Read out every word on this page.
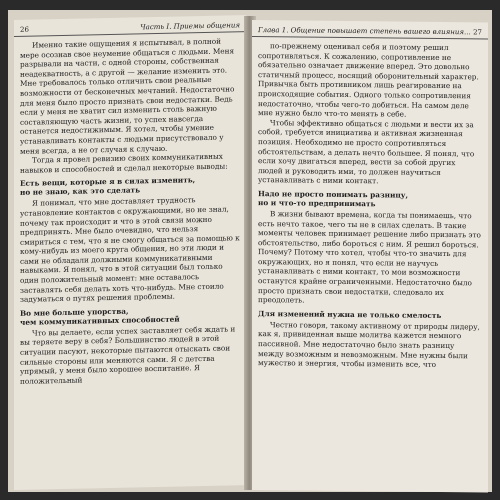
26	Часть I. Приемы общения

Именно такие ощущения я испытывал, в полной мере осознав свое неумение общаться с людьми. Меня разрывали на части, с одной стороны, собственная неадекватность, а с другой — желание изменить это. Мне требовалось только отличить свои реальные возможности от бесконечных мечтаний. Недостаточно для меня было просто признать свои недостатки. Ведь если у меня не хватит сил изменить столь важную составляющую часть жизни, то успех навсегда останется недостижимым. Я хотел, чтобы умение устанавливать контакты с людьми присутствовало у меня всегда, а не от случая к случаю.

Тогда я провел ревизию своих коммуникативных навыков и способностей и сделал некоторые выводы:

Есть вещи, которые я в силах изменить,
но не знаю, как это сделать

Я понимал, что мне доставляет трудность установление контактов с окружающими, но не знал, почему так происходит и что в этой связи можно предпринять. Мне было очевидно, что нельзя смириться с тем, что я не смогу общаться за помощью к кому-нибудь из моего круга общения, но эти люди и сами не обладали должными коммуникативными навыками. Я понял, что в этой ситуации был только один положительный момент: мне оставалось заставлять себя делать хоть что-нибудь. Мне стоило задуматься о путях решения проблемы.

Во мне больше упорства,
чем коммуникативных способностей

Что вы делаете, если успех заставляет себя ждать и вы теряете веру в себя? Большинство людей в этой ситуации пасуют, некоторые пытаются отыскать свои сильные стороны или меняются сами. Я с детства упрямый, у меня было хорошее воспитание. Я положительный

Глава 1. Общение повышает степень вашего влияния... 27

по-прежнему оценивал себя и поэтому решил сопротивляться. К сожалению, сопротивление не обязательно означает движение вперед. Это довольно статичный процесс, носящий оборонительный характер. Привычка быть противником лишь реагирование на происходящие события. Одного только сопротивления недостаточно, чтобы чего-то добиться. На самом деле мне нужно было что-то менять в себе.

Чтобы эффективно общаться с людьми и вести их за собой, требуется инициатива и активная жизненная позиция. Необходимо не просто сопротивляться обстоятельствам, а делать нечто большее. Я понял, что если хочу двигаться вперед, вести за собой других людей и руководить ими, то должен научиться устанавливать с ними контакт.

Надо не просто понимать разницу,
но и что-то предпринимать

В жизни бывают времена, когда ты понимаешь, что есть нечто такое, чего ты не в силах сделать. В такие моменты человек принимает решение либо признать это обстоятельство, либо бороться с ним. Я решил бороться. Почему? Потому что хотел, чтобы что-то значить для окружающих, но я понял, что если не научусь устанавливать с ними контакт, то мои возможности останутся крайне ограниченными. Недостаточно было просто признать свои недостатки, следовало их преодолеть.

Для изменений нужна не только смелость

Честно говоря, такому активному от природы лидеру, как я, привиденная выше молитва кажется немного пассивной. Мне недостаточно было знать разницу между возможным и невозможным. Мне нужны были мужество и энергия, чтобы изменить все, что
